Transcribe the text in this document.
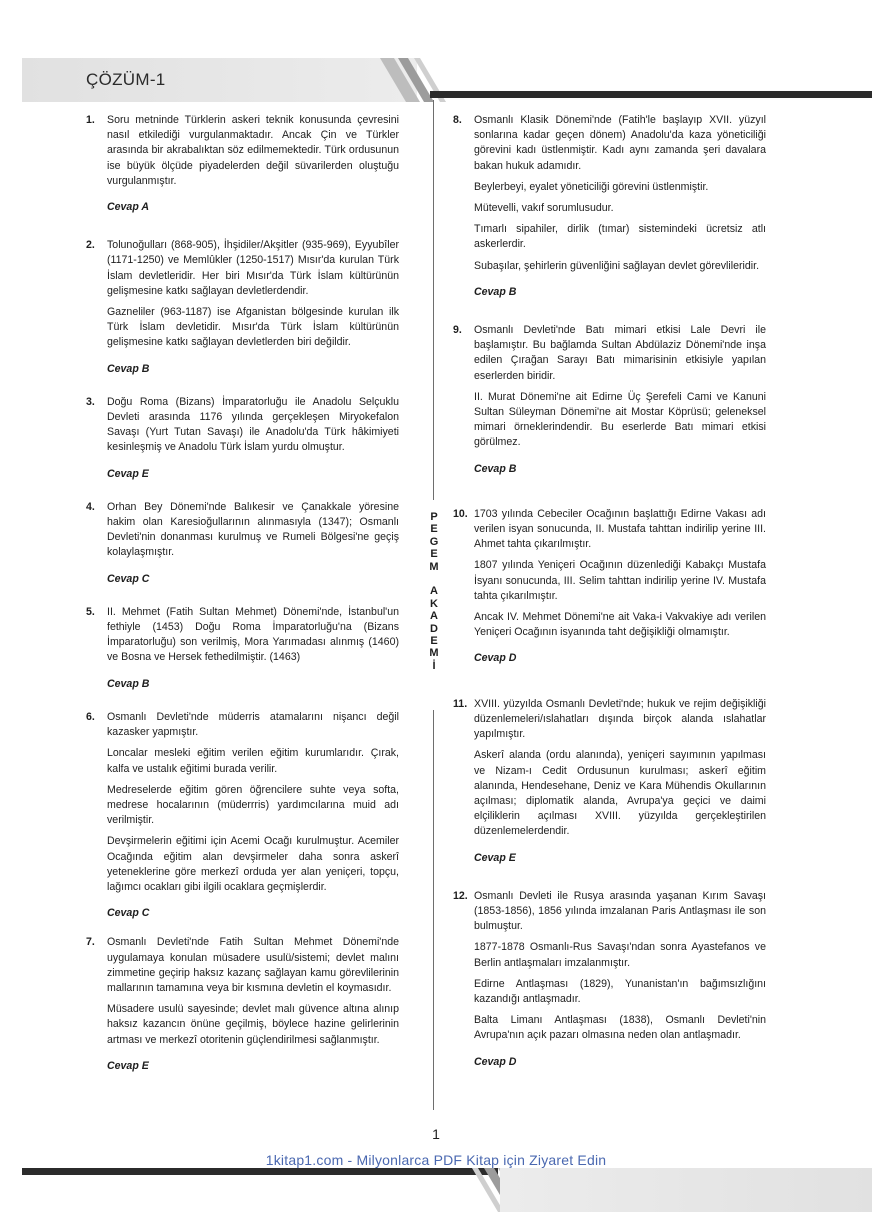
ÇÖZÜM-1
P
E
G
E
M

A
K
A
D
E
M
İ
1.	Soru metninde Türklerin askeri teknik konusunda çevresini nasıl etkilediği vurgulanmaktadır. Ancak Çin ve Türkler arasında bir akrabalıktan söz edilmemektedir. Türk ordusunun ise büyük ölçüde piyadelerden değil süvarilerden oluştuğu vurgulanmıştır.

Cevap A

2.	Tolunoğulları (868-905), İhşidiler/Akşitler (935-969), Eyyubîler (1171-1250) ve Memlûkler (1250-1517) Mısır'da kurulan Türk İslam devletleridir. Her biri Mısır'da Türk İslam kültürünün gelişmesine katkı sağlayan devletlerdendir.

Gazneliler (963-1187) ise Afganistan bölgesinde kurulan ilk Türk İslam devletidir. Mısır'da Türk İslam kültürünün gelişmesine katkı sağlayan devletlerden biri değildir.

Cevap B

3.	Doğu Roma (Bizans) İmparatorluğu ile Anadolu Selçuklu Devleti arasında 1176 yılında gerçekleşen Miryokefalon Savaşı (Yurt Tutan Savaşı) ile Anadolu'da Türk hâkimiyeti kesinleşmiş ve Anadolu Türk İslam yurdu olmuştur.

Cevap E

4.	Orhan Bey Dönemi'nde Balıkesir ve Çanakkale yöresine hakim olan Karesioğullarının alınmasıyla (1347); Osmanlı Devleti'nin donanması kurulmuş ve Rumeli Bölgesi'ne geçiş kolaylaşmıştır.

Cevap C

5.	II. Mehmet (Fatih Sultan Mehmet) Dönemi'nde, İstanbul'un fethiyle (1453) Doğu Roma İmparatorluğu'na (Bizans İmparatorluğu) son verilmiş, Mora Yarımadası alınmış (1460) ve Bosna ve Hersek fethedilmiştir. (1463)

Cevap B

6.	Osmanlı Devleti'nde müderris atamalarını nişancı değil kazasker yapmıştır.

Loncalar mesleki eğitim verilen eğitim kurumlarıdır. Çırak, kalfa ve ustalık eğitimi burada verilir.

Medreselerde eğitim gören öğrencilere suhte veya softa, medrese hocalarının (müderrris) yardımcılarına muid adı verilmiştir.

Devşirmelerin eğitimi için Acemi Ocağı kurulmuştur. Acemiler Ocağında eğitim alan devşirmeler daha sonra askerî yeteneklerine göre merkezî orduda yer alan yeniçeri, topçu, lağımcı ocakları gibi ilgili ocaklara geçmişlerdir.

Cevap C

7.	Osmanlı Devleti'nde Fatih Sultan Mehmet Dönemi'nde uygulamaya konulan müsadere usulü/sistemi; devlet malını zimmetine geçirip haksız kazanç sağlayan kamu görevlilerinin mallarının tamamına veya bir kısmına devletin el koymasıdır.

Müsadere usulü sayesinde; devlet malı güvence altına alınıp haksız kazancın önüne geçilmiş, böylece hazine gelirlerinin artması ve merkezî otoritenin güçlendirilmesi sağlanmıştır.

Cevap E

8.	Osmanlı Klasik Dönemi'nde (Fatih'le başlayıp XVII. yüzyıl sonlarına kadar geçen dönem) Anadolu'da kaza yöneticiliği görevini kadı üstlenmiştir. Kadı aynı zamanda şeri davalara bakan hukuk adamıdır.

Beylerbeyi, eyalet yöneticiliği görevini üstlenmiştir.

Mütevelli, vakıf sorumlusudur.

Tımarlı sipahiler, dirlik (tımar) sistemindeki ücretsiz atlı askerlerdir.

Subaşılar, şehirlerin güvenliğini sağlayan devlet görevlileridir.

Cevap B

9.	Osmanlı Devleti'nde Batı mimari etkisi Lale Devri ile başlamıştır. Bu bağlamda Sultan Abdülaziz Dönemi'nde inşa edilen Çırağan Sarayı Batı mimarisinin etkisiyle yapılan eserlerden biridir.

II. Murat Dönemi'ne ait Edirne Üç Şerefeli Cami ve Kanuni Sultan Süleyman Dönemi'ne ait Mostar Köprüsü; geleneksel mimari örneklerindendir. Bu eserlerde Batı mimari etkisi görülmez.

Cevap B

10. 1703 yılında Cebeciler Ocağının başlattığı Edirne Vakası adı verilen isyan sonucunda, II. Mustafa tahttan indirilip yerine III. Ahmet tahta çıkarılmıştır.

1807 yılında Yeniçeri Ocağının düzenlediği Kabakçı Mustafa İsyanı sonucunda, III. Selim tahttan indirilip yerine IV. Mustafa tahta çıkarılmıştır.

Ancak IV. Mehmet Dönemi'ne ait Vaka-i Vakvakiye adı verilen Yeniçeri Ocağının isyanında taht değişikliği olmamıştır.

Cevap D

11. XVIII. yüzyılda Osmanlı Devleti'nde; hukuk ve rejim değişikliği düzenlemeleri/ıslahatları dışında birçok alanda ıslahatlar yapılmıştır.

Askerî alanda (ordu alanında), yeniçeri sayımının yapılması ve Nizam-ı Cedit Ordusunun kurulması; askerî eğitim alanında, Hendesehane, Deniz ve Kara Mühendis Okullarının açılması; diplomatik alanda, Avrupa'ya geçici ve daimi elçiliklerin açılması XVIII. yüzyılda gerçekleştirilen düzenlemelerdendir.

Cevap E

12. Osmanlı Devleti ile Rusya arasında yaşanan Kırım Savaşı (1853-1856), 1856 yılında imzalanan Paris Antlaşması ile son bulmuştur.

1877-1878 Osmanlı-Rus Savaşı'ndan sonra Ayastefanos ve Berlin antlaşmaları imzalanmıştır.

Edirne Antlaşması (1829), Yunanistan'ın bağımsızlığını kazandığı antlaşmadır.

Balta Limanı Antlaşması (1838), Osmanlı Devleti'nin Avrupa'nın açık pazarı olmasına neden olan antlaşmadır.

Cevap D

1
1kitap1.com - Milyonlarca PDF Kitap için Ziyaret Edin
